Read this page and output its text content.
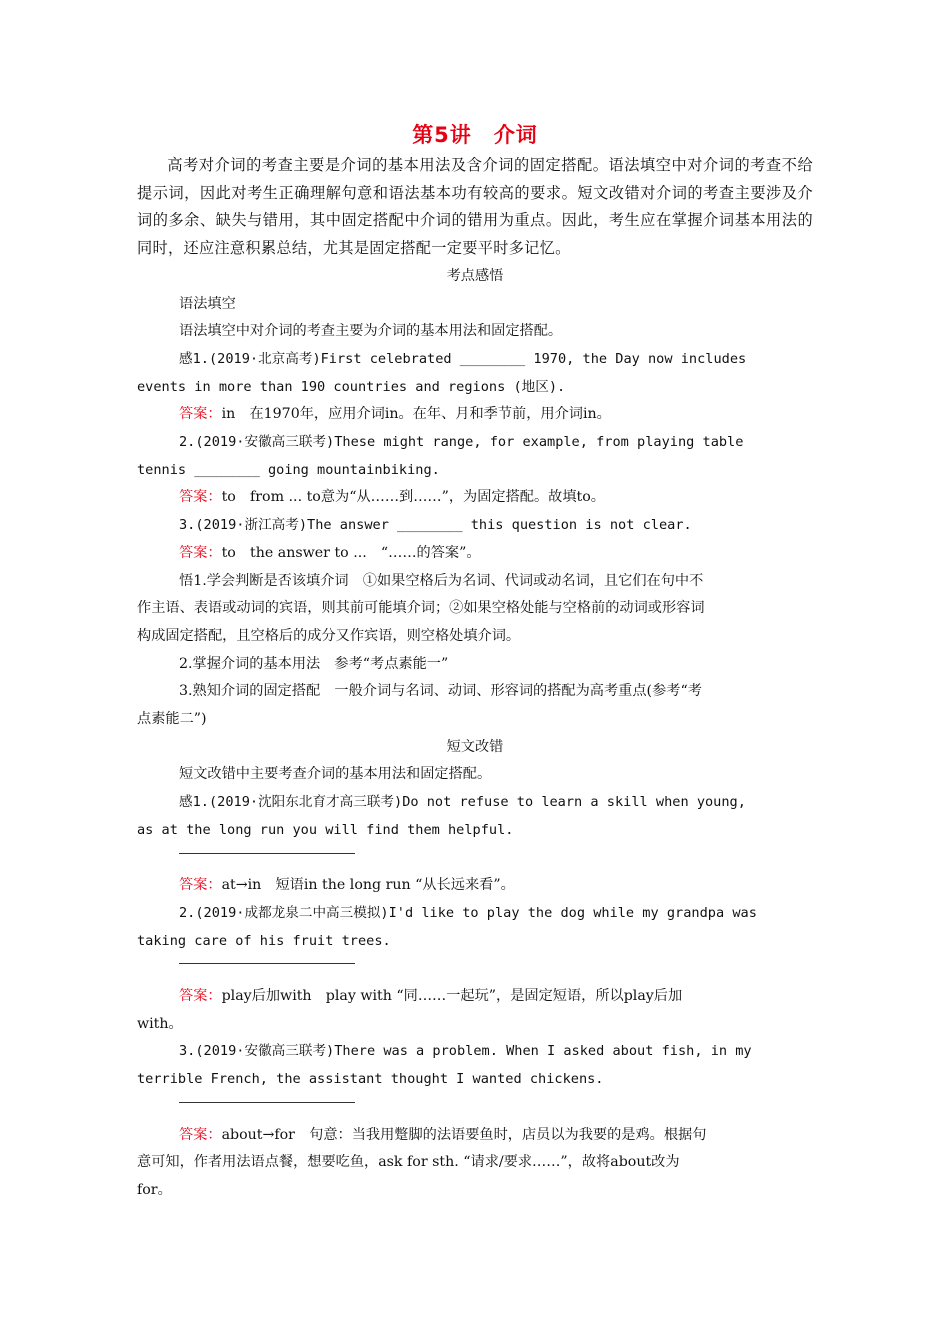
第5讲 介词
高考对介词的考查主要是介词的基本用法及含介词的固定搭配。语法填空中对介词的考查不给提示词，因此对考生正确理解句意和语法基本功有较高的要求。短文改错对介词的考查主要涉及介词的多余、缺失与错用，其中固定搭配中介词的错用为重点。因此，考生应在掌握介词基本用法的同时，还应注意积累总结，尤其是固定搭配一定要平时多记忆。
考点感悟
语法填空
语法填空中对介词的考查主要为介词的基本用法和固定搭配。
感1.(2019·北京高考)First celebrated ________ 1970, the Day now includes
events in more than 190 countries and regions (地区).
答案：in　在1970年，应用介词in。在年、月和季节前，用介词in。
2.(2019·安徽高三联考)These might range, for example, from playing table
tennis ________ going mountainbiking.
答案：to　from ... to意为“从……到……”，为固定搭配。故填to。
3.(2019·浙江高考)The answer ________ this question is not clear.
答案：to　the answer to ...　“……的答案”。
悟1.学会判断是否该填介词　①如果空格后为名词、代词或动名词，且它们在句中不
作主语、表语或动词的宾语，则其前可能填介词；②如果空格处能与空格前的动词或形容词
构成固定搭配，且空格后的成分又作宾语，则空格处填介词。
2.掌握介词的基本用法　参考“考点素能一”
3.熟知介词的固定搭配　一般介词与名词、动词、形容词的搭配为高考重点(参考“考
点素能二”)
短文改错
短文改错中主要考查介词的基本用法和固定搭配。
感1.(2019·沈阳东北育才高三联考)Do not refuse to learn a skill when young,
as at the long run you will find them helpful.
答案：at→in　短语in the long run “从长远来看”。
2.(2019·成都龙泉二中高三模拟)I'd like to play the dog while my grandpa was
taking care of his fruit trees.
答案：play后加with　play with “同……一起玩”，是固定短语，所以play后加
with。
3.(2019·安徽高三联考)There was a problem. When I asked about fish, in my
terrible French, the assistant thought I wanted chickens.
答案：about→for　句意：当我用蹩脚的法语要鱼时，店员以为我要的是鸡。根据句
意可知，作者用法语点餐，想要吃鱼，ask for sth. “请求/要求……”，故将about改为
for。
